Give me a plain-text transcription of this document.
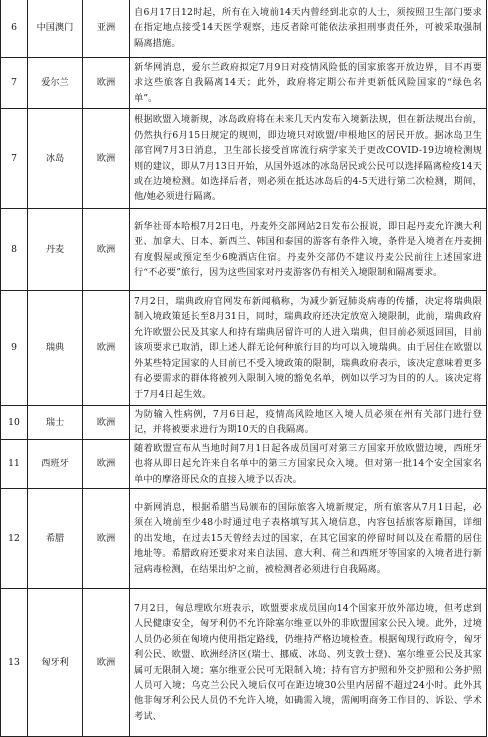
6	中国澳门	亚洲	自6月17日12时起，所有在入境前14天内曾经到北京的人士，须按照卫生部门要求在指定地点接受14天医学观察，违反者除可能依法承担刑事责任外，可被采取强制隔离措施。
7	爱尔兰	欧洲	新华网消息，爱尔兰政府拟定7月9日对疫情风险低的国家旅客开放边界，目不再要求这些旅客自我隔离14天；此外，政府将定期公布并更新低风险国家的“绿色名单”。
7	冰岛	欧洲	根据欧盟入境新规，冰岛政府将在未来几天内发布入境新法规，但在新法规出台前，仍然执行6月15日规定的规则，即边境只对欧盟/申根地区的居民开放。据冰岛卫生部官网7月3日消息，卫生部长接受首席流行病学家关于更改COVID-19边境检测规则的建议，即从7月13日开始，从国外返冰的冰岛居民或公民可以选择隔离检疫14天或在边境检测。如选择后者，则必须在抵达冰岛后的4-5天进行第二次检测，期间，他/她必须进行隔离。
8	丹麦	欧洲	新华社哥本哈根7月2日电，丹麦外交部网站2日发布公报说，即日起丹麦允许澳大利亚、加拿大、日本、新西兰、韩国和泰国的游客有条件入境，条件是入境者在丹麦拥有度假屋或预定至少6晚酒店住宿。丹麦外交部仍不建议丹麦公民前往上述国家进行“不必要”旅行，因为这些国家对丹麦游客仍有相关入境限制和隔离要求。
9	瑞典	欧洲	7月2日，瑞典政府官网发布新闻稿称，为减少新冠肺炎病毒的传播，决定将瑞典限制入境政策延长至8月31日，同时，瑞典政府还决定放宽入境限制，此前，瑞典政府允许欧盟公民及其家人和持有瑞典居留许可的人进入瑞典，但目前必须返回国，目前该项要求已取消，即上述人群无论何种旅行目的均可以入境瑞典。由于居住在欧盟以外某些特定国家的人目前已不受入境政策的限制，瑞典政府表示，该决定意味着更多有必要需求的群体将被列入限制入境的豁免名单，例如以学习为目的的人。该决定将于7月4日起生效。
10	瑞士	欧洲	为防输入性病例，7月6日起，疫情高风险地区入境人员必须在州有关部门进行登记，并将被要求进行为期10天的自我隔离。
11	西班牙	欧洲	随着欧盟宣布从当地时间7月1日起各成员国可对第三方国家开放欧盟边境，西班牙也将从即日起允许来自名单中的第三方国家民众入境。但对第一批14个安全国家名单中的摩洛哥民众的直接入境予以否决。
12	希腊	欧洲	中新网消息，根据希腊当局颁布的国际旅客入境新规定，所有旅客从7月1日起，必须在入境前至少48小时通过电子表格填写其入境信息，内容包括旅客原籍国，详细的出发地，在过去15天曾经去过的国家，在其它国家的停留时间以及在希腊的居住地址等。希腊政府还要求对来自法国、意大利、荷兰和西班牙等国家的入境者进行新冠病毒检测，在结果出炉之前，被检测者必须进行自我隔离。
13	匈牙利	欧洲	7月2日，匈总理欧尔班表示，欧盟要求成员国向14个国家开放外部边境，但考虑到人民健康安全，匈牙利仍不允许除塞尔维亚以外的非欧盟国家公民入境。此外，过境人员仍必须在匈境内使用指定路线，仍维持严格边境检查。根据匈现行政府令，匈牙利公民、欧盟、欧洲经济区(瑞士、挪威、冰岛、列支敦士登)、塞尔维亚公民及其家属可无限制入境；塞尔维亚公民可无限制入境；持有官方护照和外交护照和公务护照人员可入境；乌克兰公民入境后仅可在距边境30公里内居留不超过24小时。此外其他非匈牙利公民人员仍不允许入境，如确需入境，需阐明商务工作目的、诉讼、学术考试、
